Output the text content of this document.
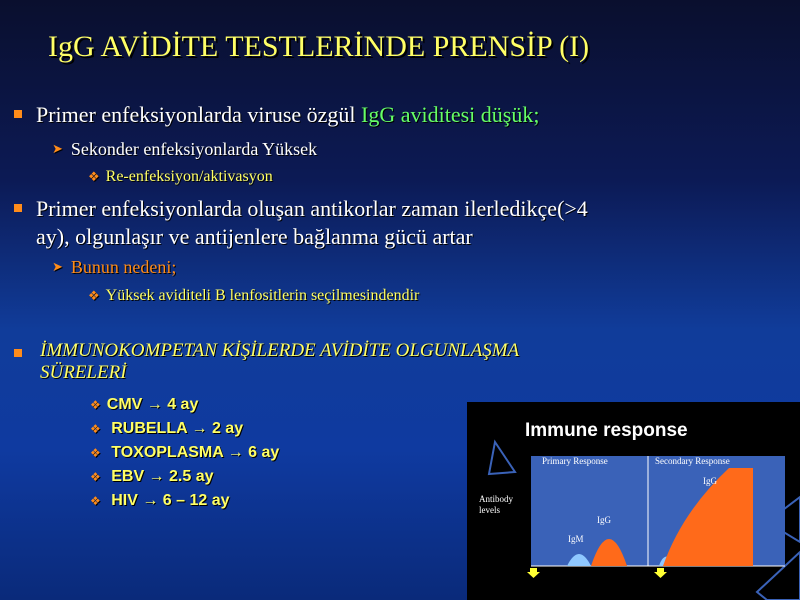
IgG AVİDİTE TESTLERİNDE PRENSİP (I)
Primer enfeksiyonlarda viruse özgül IgG aviditesi düşük;
➤ Sekonder enfeksiyonlarda Yüksek
❖ Re-enfeksiyon/aktivasyon
Primer enfeksiyonlarda oluşan antikorlar zaman ilerledikçe(>4
ay), olgunlaşır ve antijenlere bağlanma gücü artar
➤ Bunun nedeni;
❖ Yüksek aviditeli B lenfositlerin seçilmesindendir
İMMUNOKOMPETAN KİŞİLERDE AVİDİTE OLGUNLAŞMA
SÜRELERİ
❖ CMV → 4 ay
❖ RUBELLA → 2 ay
❖ TOXOPLASMA → 6 ay
❖ EBV → 2.5 ay
❖ HIV → 6 – 12 ay
Immune response
Primary Response	Secondary Response
Antibody
levels
IgM
IgG
IgG
